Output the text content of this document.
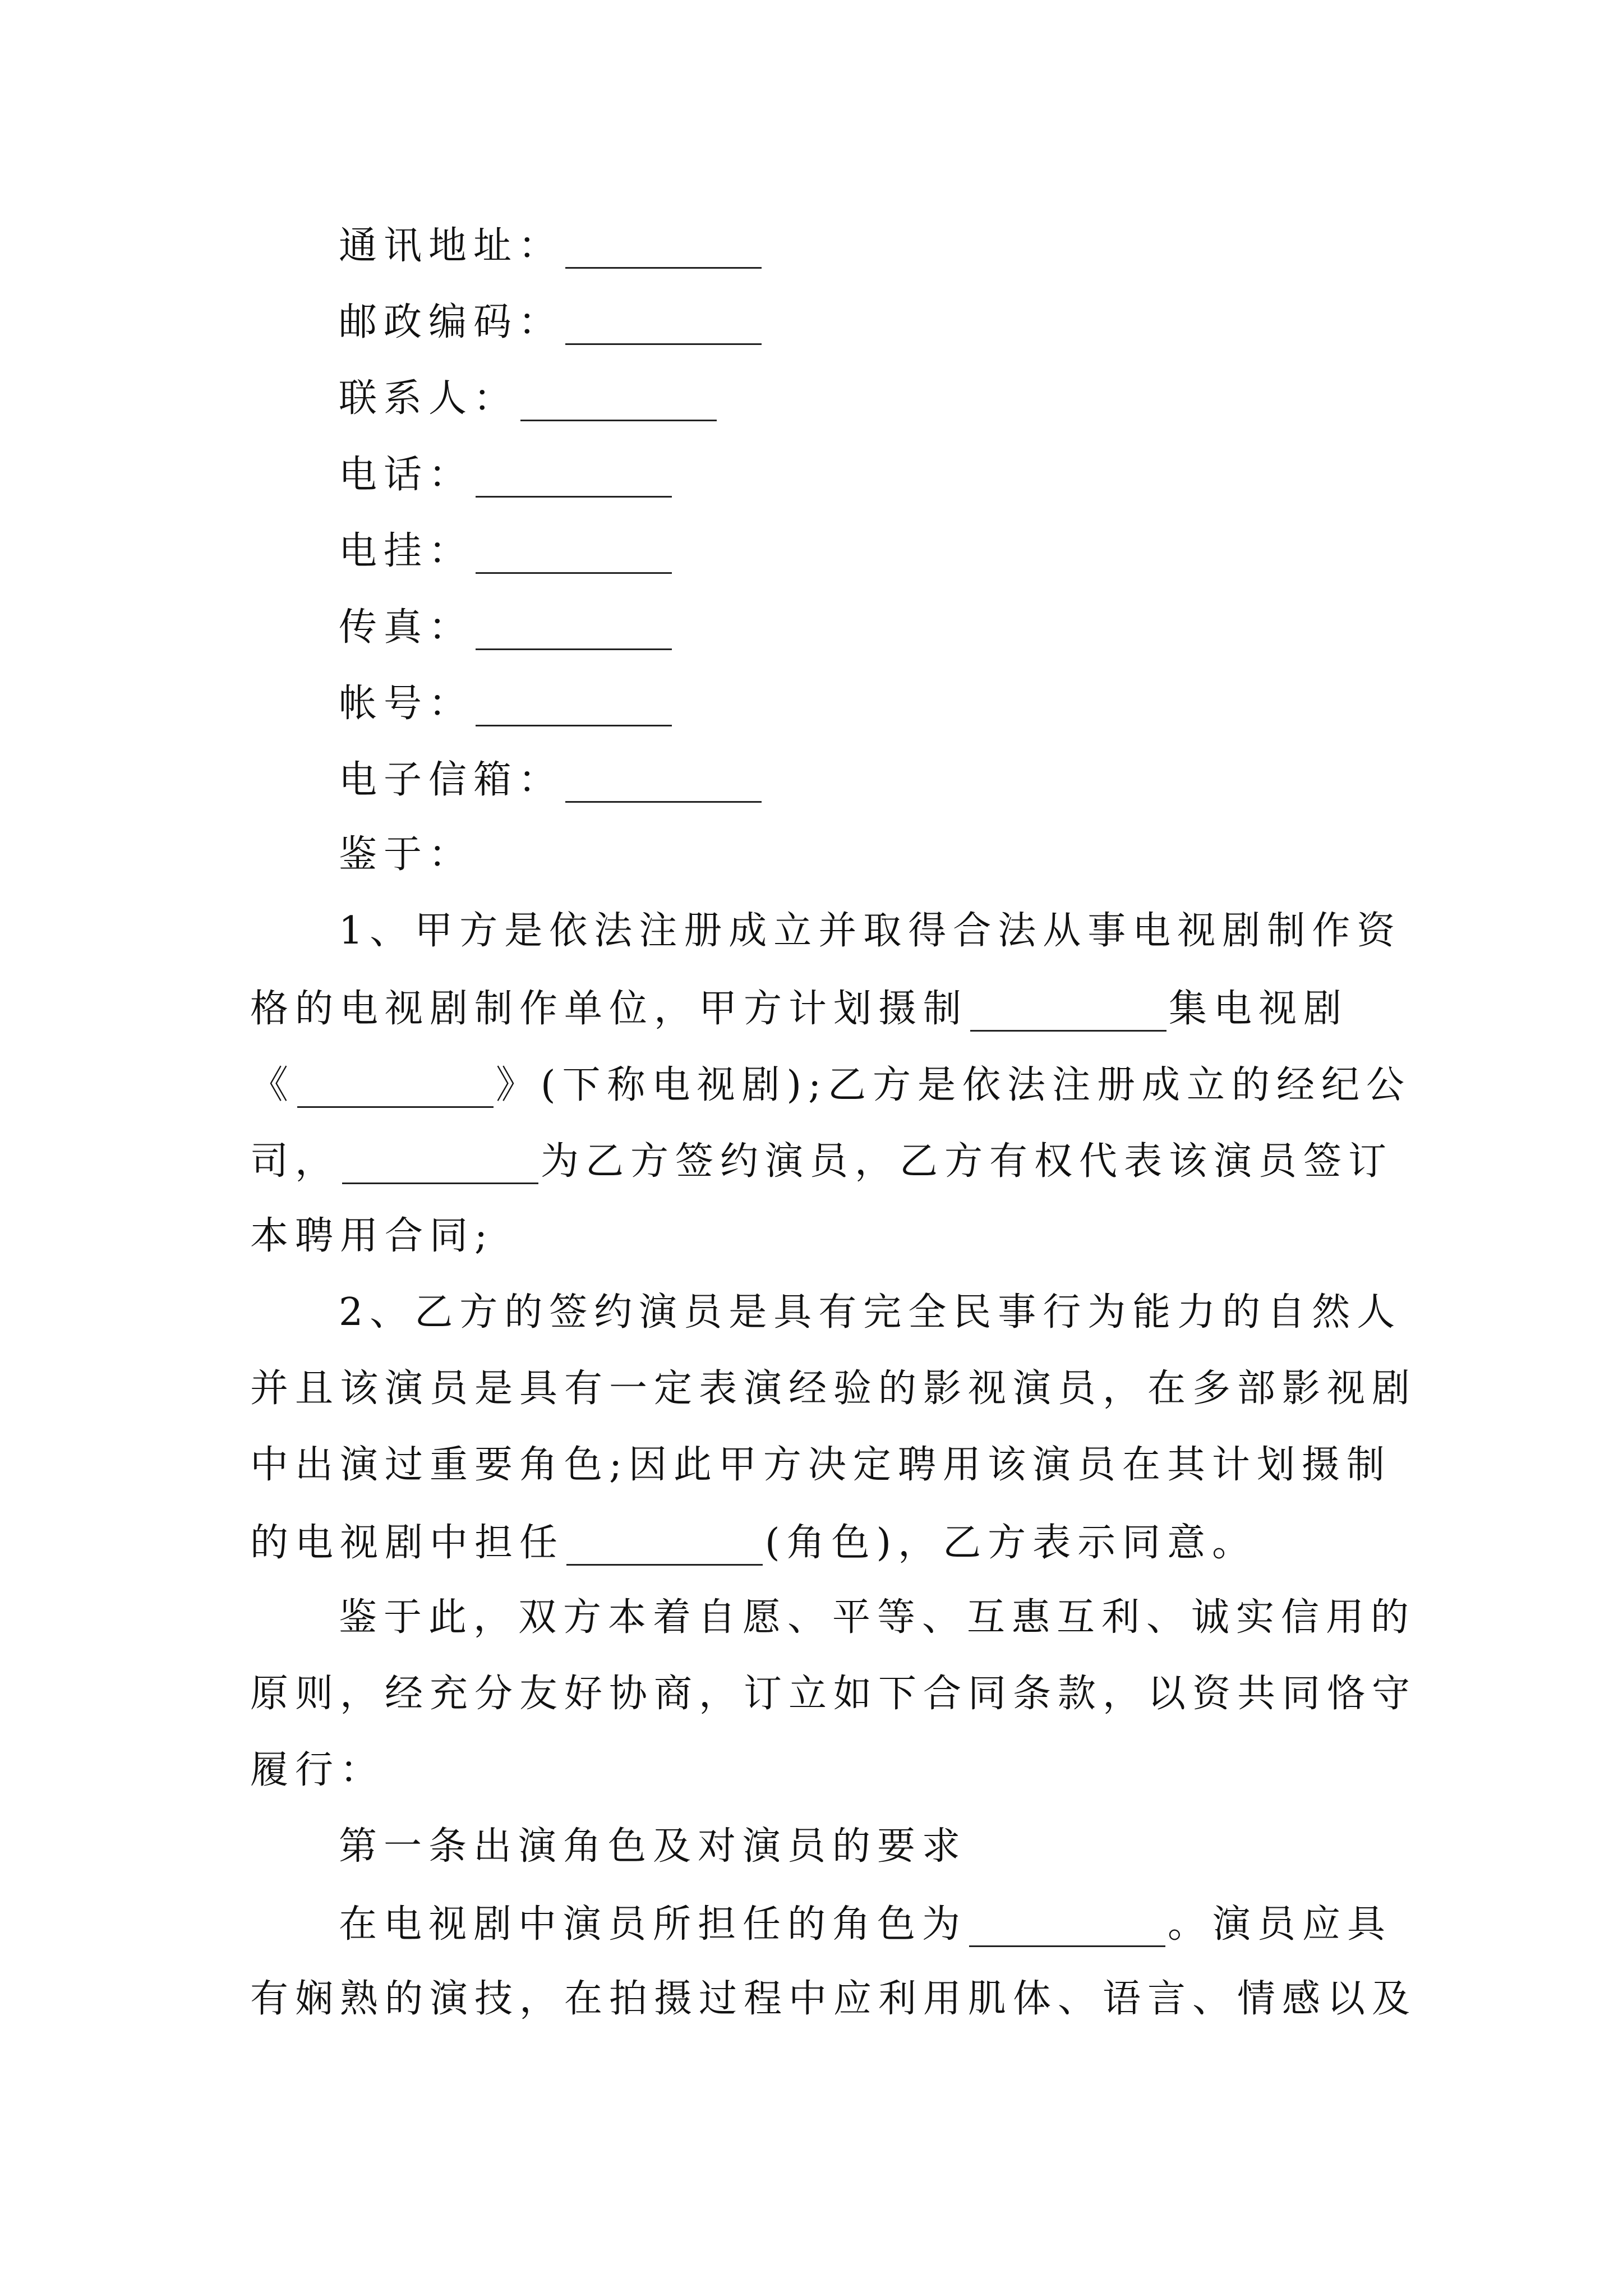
通讯地址：
邮政编码：
联系人：
电话：
电挂：
传真：
帐号：
电子信箱：
鉴于：
1、甲方是依法注册成立并取得合法从事电视剧制作资
格的电视剧制作单位，甲方计划摄制	集电视剧
《	》(下称电视剧);乙方是依法注册成立的经纪公
司，	为乙方签约演员，乙方有权代表该演员签订
本聘用合同;
2、乙方的签约演员是具有完全民事行为能力的自然人
并且该演员是具有一定表演经验的影视演员，在多部影视剧
中出演过重要角色;因此甲方决定聘用该演员在其计划摄制
的电视剧中担任	(角色)，乙方表示同意。
鉴于此，双方本着自愿、平等、互惠互利、诚实信用的
原则，经充分友好协商，订立如下合同条款，以资共同恪守
履行：
第一条出演角色及对演员的要求
在电视剧中演员所担任的角色为	。演员应具
有娴熟的演技，在拍摄过程中应利用肌体、语言、情感以及
